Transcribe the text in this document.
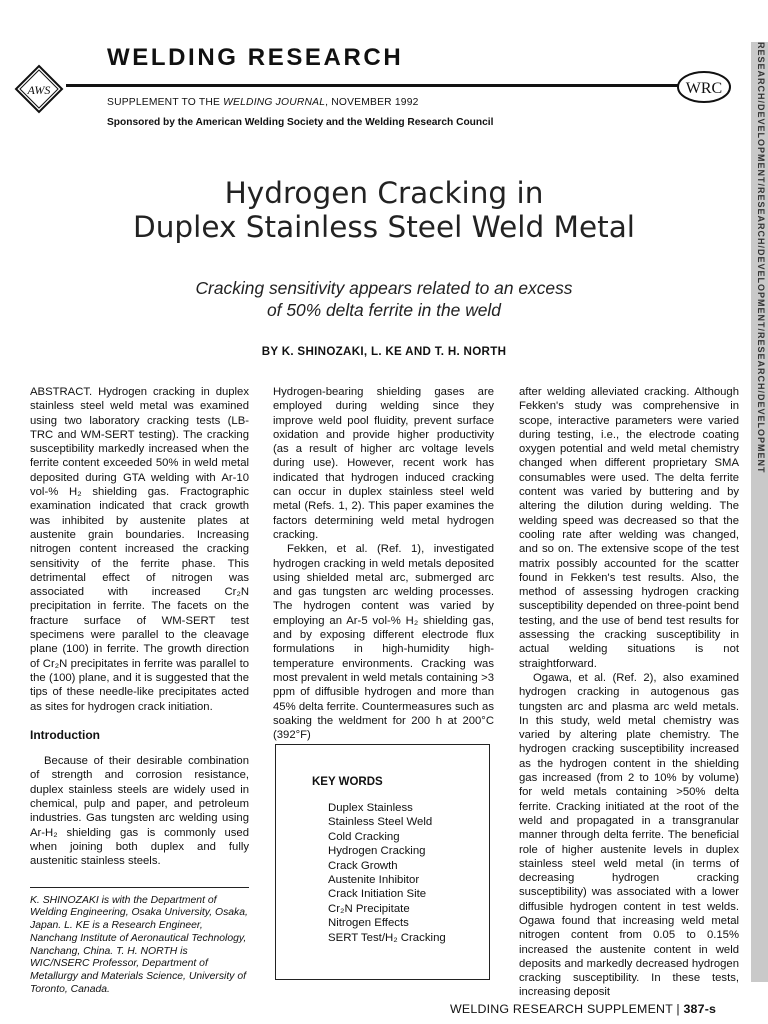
AWS
WELDING RESEARCH
WRC
SUPPLEMENT TO THE WELDING JOURNAL, NOVEMBER 1992
Sponsored by the American Welding Society and the Welding Research Council	RESEARCH/DEVELOPMENT/RESEARCH/DEVELOPMENT/RESEARCH/DEVELOPMENT
Hydrogen Cracking in
Duplex Stainless Steel Weld Metal
Cracking sensitivity appears related to an excess
of 50% delta ferrite in the weld
BY K. SHINOZAKI, L. KE AND T. H. NORTH

ABSTRACT. Hydrogen cracking in duplex stainless steel weld metal was examined using two laboratory cracking tests (LB-TRC and WM-SERT testing). The cracking susceptibility markedly increased when the ferrite content exceeded 50% in weld metal deposited during GTA welding with Ar-10 vol-% H₂ shielding gas. Fractographic examination indicated that crack growth was inhibited by austenite plates at austenite grain boundaries. Increasing nitrogen content increased the cracking sensitivity of the ferrite phase. This detrimental effect of nitrogen was associated with increased Cr₂N precipitation in ferrite. The facets on the fracture surface of WM-SERT test specimens were parallel to the cleavage plane (100) in ferrite. The growth direction of Cr₂N precipitates in ferrite was parallel to the (100) plane, and it is suggested that the tips of these needle-like precipitates acted as sites for hydrogen crack initiation.

Introduction

Because of their desirable combination of strength and corrosion resistance, duplex stainless steels are widely used in chemical, pulp and paper, and petroleum industries. Gas tungsten arc welding using Ar-H₂ shielding gas is commonly used when joining both duplex and fully austenitic stainless steels.

K. SHINOZAKI is with the Department of Welding Engineering, Osaka University, Osaka, Japan. L. KE is a Research Engineer, Nanchang Institute of Aeronautical Technology, Nanchang, China. T. H. NORTH is WIC/NSERC Professor, Department of Metallurgy and Materials Science, University of Toronto, Canada.

Hydrogen-bearing shielding gases are employed during welding since they improve weld pool fluidity, prevent surface oxidation and provide higher productivity (as a result of higher arc voltage levels during use). However, recent work has indicated that hydrogen induced cracking can occur in duplex stainless steel weld metal (Refs. 1, 2). This paper examines the factors determining weld metal hydrogen cracking.

Fekken, et al. (Ref. 1), investigated hydrogen cracking in weld metals deposited using shielded metal arc, submerged arc and gas tungsten arc welding processes. The hydrogen content was varied by employing an Ar-5 vol-% H₂ shielding gas, and by exposing different electrode flux formulations in high-humidity high-temperature environments. Cracking was most prevalent in weld metals containing >3 ppm of diffusible hydrogen and more than 45% delta ferrite. Countermeasures such as soaking the weldment for 200 h at 200°C (392°F)

KEY WORDS
Duplex Stainless
Stainless Steel Weld
Cold Cracking
Hydrogen Cracking
Crack Growth
Austenite Inhibitor
Crack Initiation Site
Cr₂N Precipitate
Nitrogen Effects
SERT Test/H₂ Cracking

after welding alleviated cracking. Although Fekken's study was comprehensive in scope, interactive parameters were varied during testing, i.e., the electrode coating oxygen potential and weld metal chemistry changed when different proprietary SMA consumables were used. The delta ferrite content was varied by buttering and by altering the dilution during welding. The welding speed was decreased so that the cooling rate after welding was changed, and so on. The extensive scope of the test matrix possibly accounted for the scatter found in Fekken's test results. Also, the method of assessing hydrogen cracking susceptibility depended on three-point bend testing, and the use of bend test results for assessing the cracking susceptibility in actual welding situations is not straightforward.

Ogawa, et al. (Ref. 2), also examined hydrogen cracking in autogenous gas tungsten arc and plasma arc weld metals. In this study, weld metal chemistry was varied by altering plate chemistry. The hydrogen cracking susceptibility increased as the hydrogen content in the shielding gas increased (from 2 to 10% by volume) for weld metals containing >50% delta ferrite. Cracking initiated at the root of the weld and propagated in a transgranular manner through delta ferrite. The beneficial role of higher austenite levels in duplex stainless steel weld metal (in terms of decreasing hydrogen cracking susceptibility) was associated with a lower diffusible hydrogen content in test welds. Ogawa found that increasing weld metal nitrogen content from 0.05 to 0.15% increased the austenite content in weld deposits and markedly decreased hydrogen cracking susceptibility. In these tests, increasing deposit

WELDING RESEARCH SUPPLEMENT | 387-s
